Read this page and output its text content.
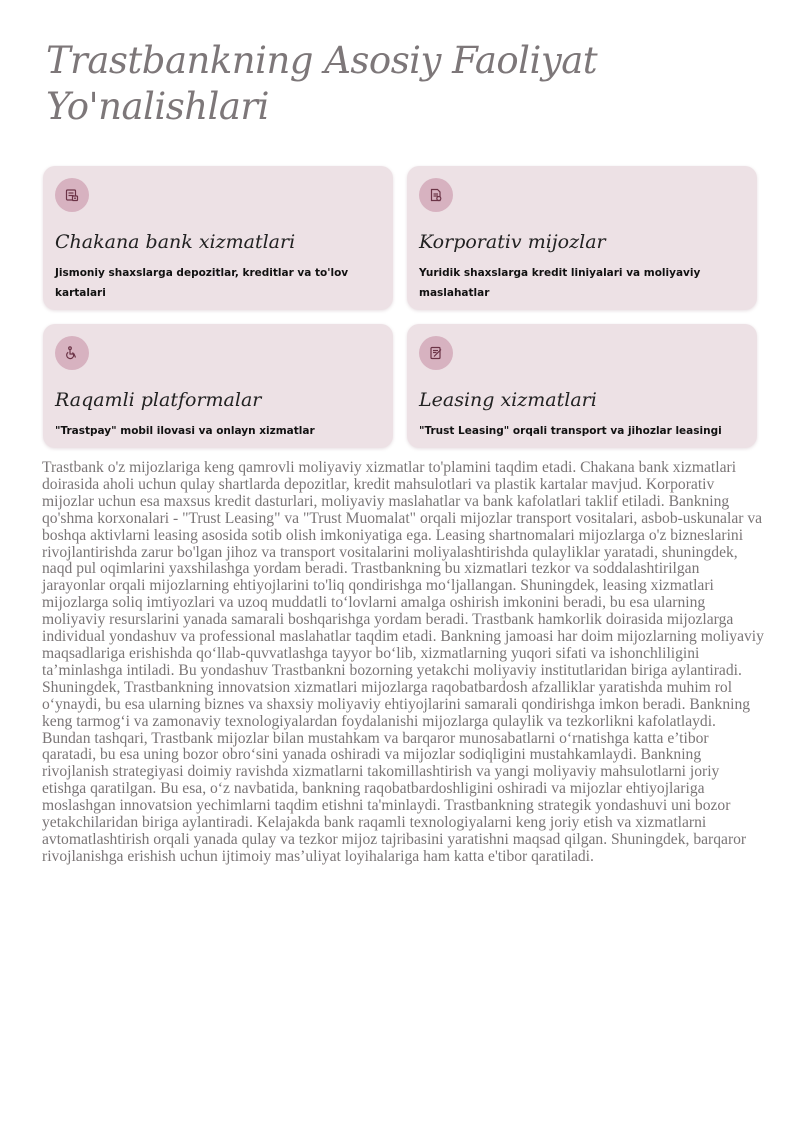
Trastbankning Asosiy Faoliyat Yo'nalishlari
Chakana bank xizmatlari

Jismoniy shaxslarga depozitlar, kreditlar va to'lov kartalari

Korporativ mijozlar

Yuridik shaxslarga kredit liniyalari va moliyaviy maslahatlar

Raqamli platformalar

"Trastpay" mobil ilovasi va onlayn xizmatlar

Leasing xizmatlari

"Trust Leasing" orqali transport va jihozlar leasingi

Trastbank o'z mijozlariga keng qamrovli moliyaviy xizmatlar to'plamini taqdim etadi. Chakana bank xizmatlari doirasida aholi uchun qulay shartlarda depozitlar, kredit mahsulotlari va plastik kartalar mavjud. Korporativ mijozlar uchun esa maxsus kredit dasturlari, moliyaviy maslahatlar va bank kafolatlari taklif etiladi. Bankning qo'shma korxonalari - "Trust Leasing" va "Trust Muomalat" orqali mijozlar transport vositalari, asbob-uskunalar va boshqa aktivlarni leasing asosida sotib olish imkoniyatiga ega. Leasing shartnomalari mijozlarga o'z bizneslarini rivojlantirishda zarur bo'lgan jihoz va transport vositalarini moliyalashtirishda qulayliklar yaratadi, shuningdek, naqd pul oqimlarini yaxshilashga yordam beradi. Trastbankning bu xizmatlari tezkor va soddalashtirilgan jarayonlar orqali mijozlarning ehtiyojlarini to'liq qondirishga mo‘ljallangan. Shuningdek, leasing xizmatlari mijozlarga soliq imtiyozlari va uzoq muddatli to‘lovlarni amalga oshirish imkonini beradi, bu esa ularning moliyaviy resurslarini yanada samarali boshqarishga yordam beradi. Trastbank hamkorlik doirasida mijozlarga individual yondashuv va professional maslahatlar taqdim etadi. Bankning jamoasi har doim mijozlarning moliyaviy maqsadlariga erishishda qo‘llab-quvvatlashga tayyor bo‘lib, xizmatlarning yuqori sifati va ishonchliligini ta’minlashga intiladi. Bu yondashuv Trastbankni bozorning yetakchi moliyaviy institutlaridan biriga aylantiradi. Shuningdek, Trastbankning innovatsion xizmatlari mijozlarga raqobatbardosh afzalliklar yaratishda muhim rol o‘ynaydi, bu esa ularning biznes va shaxsiy moliyaviy ehtiyojlarini samarali qondirishga imkon beradi. Bankning keng tarmog‘i va zamonaviy texnologiyalardan foydalanishi mijozlarga qulaylik va tezkorlikni kafolatlaydi. Bundan tashqari, Trastbank mijozlar bilan mustahkam va barqaror munosabatlarni o‘rnatishga katta e’tibor qaratadi, bu esa uning bozor obro‘sini yanada oshiradi va mijozlar sodiqligini mustahkamlaydi. Bankning rivojlanish strategiyasi doimiy ravishda xizmatlarni takomillashtirish va yangi moliyaviy mahsulotlarni joriy etishga qaratilgan. Bu esa, o‘z navbatida, bankning raqobatbardoshligini oshiradi va mijozlar ehtiyojlariga moslashgan innovatsion yechimlarni taqdim etishni ta'minlaydi. Trastbankning strategik yondashuvi uni bozor yetakchilaridan biriga aylantiradi. Kelajakda bank raqamli texnologiyalarni keng joriy etish va xizmatlarni avtomatlashtirish orqali yanada qulay va tezkor mijoz tajribasini yaratishni maqsad qilgan. Shuningdek, barqaror rivojlanishga erishish uchun ijtimoiy mas’uliyat loyihalariga ham katta e'tibor qaratiladi.
